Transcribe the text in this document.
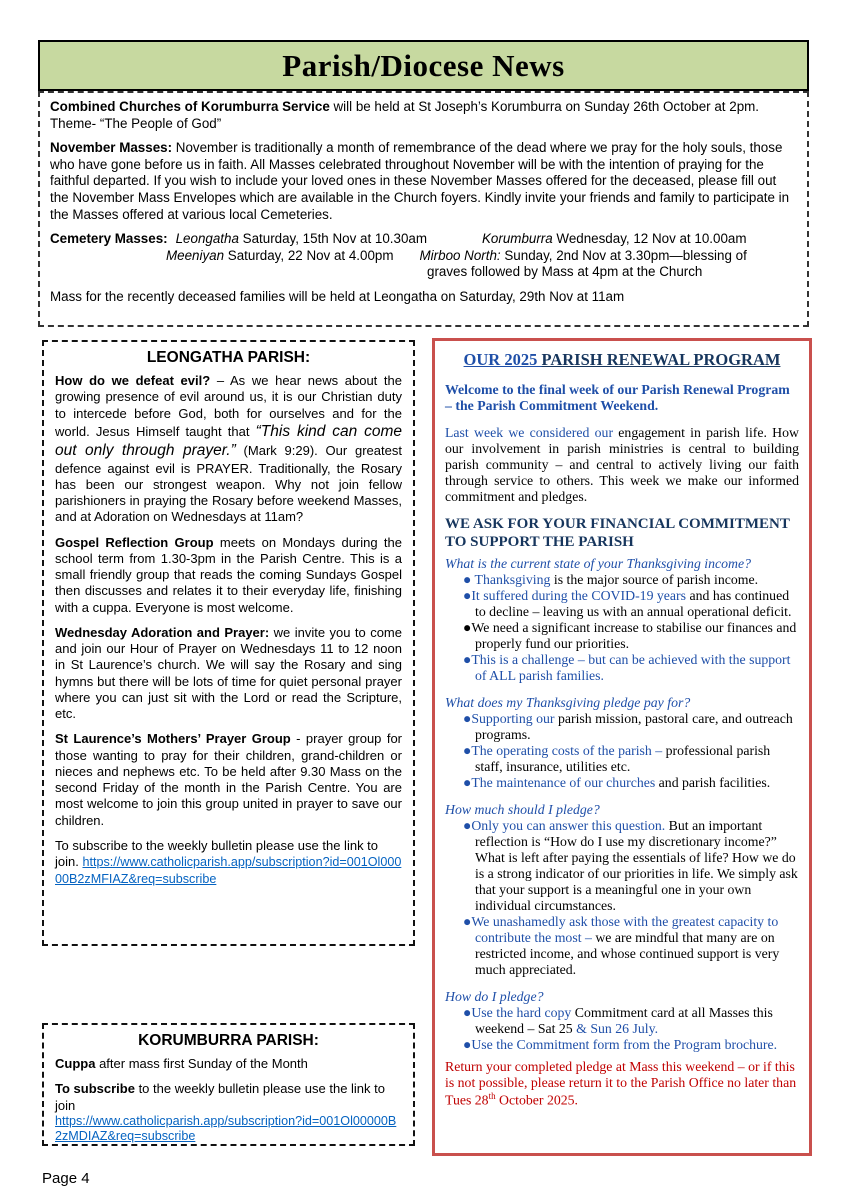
Parish/Diocese News
Combined Churches of Korumburra Service will be held at St Joseph’s Korumburra on Sunday 26th October at 2pm. Theme- “The People of God”
November Masses: November is traditionally a month of remembrance of the dead where we pray for the holy souls, those who have gone before us in faith. All Masses celebrated throughout November will be with the intention of praying for the faithful departed. If you wish to include your loved ones in these November Masses offered for the deceased, please fill out the November Mass Envelopes which are available in the Church foyers. Kindly invite your friends and family to participate in the Masses offered at various local Cemeteries.
Cemetery Masses: Leongatha Saturday, 15th Nov at 10.30am	Korumburra Wednesday, 12 Nov at 10.00am
Meeniyan Saturday, 22 Nov at 4.00pm Mirboo North: Sunday, 2nd Nov at 3.30pm—blessing of
graves followed by Mass at 4pm at the Church
Mass for the recently deceased families will be held at Leongatha on Saturday, 29th Nov at 11am
LEONGATHA PARISH:
How do we defeat evil? – As we hear news about the growing presence of evil around us, it is our Christian duty to intercede before God, both for ourselves and for the world. Jesus Himself taught that “This kind can come out only through prayer.” (Mark 9:29). Our greatest defence against evil is PRAYER. Traditionally, the Rosary has been our strongest weapon. Why not join fellow parishioners in praying the Rosary before weekend Masses, and at Adoration on Wednesdays at 11am?
Gospel Reflection Group meets on Mondays during the school term from 1.30-3pm in the Parish Centre. This is a small friendly group that reads the coming Sundays Gospel then discusses and relates it to their everyday life, finishing with a cuppa. Everyone is most welcome.
Wednesday Adoration and Prayer: we invite you to come and join our Hour of Prayer on Wednesdays 11 to 12 noon in St Laurence’s church. We will say the Rosary and sing hymns but there will be lots of time for quiet personal prayer where you can just sit with the Lord or read the Scripture, etc.
St Laurence’s Mothers’ Prayer Group - prayer group for those wanting to pray for their children, grand-children or nieces and nephews etc. To be held after 9.30 Mass on the second Friday of the month in the Parish Centre. You are most welcome to join this group united in prayer to save our children.
To subscribe to the weekly bulletin please use the link to join. https://www.catholicparish.app/subscription?id=001Ol00000B2zMFIAZ&req=subscribe
KORUMBURRA PARISH:
Cuppa after mass first Sunday of the Month
To subscribe to the weekly bulletin please use the link to join
https://www.catholicparish.app/subscription?id=001Ol00000B2zMDIAZ&req=subscribe
OUR 2025 PARISH RENEWAL PROGRAM
Welcome to the final week of our Parish Renewal Program – the Parish Commitment Weekend.
Last week we considered our engagement in parish life. How our involvement in parish ministries is central to building parish community – and central to actively living our faith through service to others. This week we make our informed commitment and pledges.
WE ASK FOR YOUR FINANCIAL COMMITMENT TO SUPPORT THE PARISH
What is the current state of your Thanksgiving income?
● Thanksgiving is the major source of parish income.
●It suffered during the COVID-19 years and has continued to decline – leaving us with an annual operational deficit.
●We need a significant increase to stabilise our finances and properly fund our priorities.
●This is a challenge – but can be achieved with the support of ALL parish families.
What does my Thanksgiving pledge pay for?
●Supporting our parish mission, pastoral care, and outreach programs.
●The operating costs of the parish – professional parish staff, insurance, utilities etc.
●The maintenance of our churches and parish facilities.
How much should I pledge?
●Only you can answer this question. But an important reflection is “How do I use my discretionary income?” What is left after paying the essentials of life? How we do is a strong indicator of our priorities in life. We simply ask that your support is a meaningful one in your own individual circumstances.
●We unashamedly ask those with the greatest capacity to contribute the most – we are mindful that many are on restricted income, and whose continued support is very much appreciated.
How do I pledge?
●Use the hard copy Commitment card at all Masses this weekend – Sat 25 & Sun 26 July.
●Use the Commitment form from the Program brochure.
Return your completed pledge at Mass this weekend – or if this is not possible, please return it to the Parish Office no later than Tues 28th October 2025.
Page 4
